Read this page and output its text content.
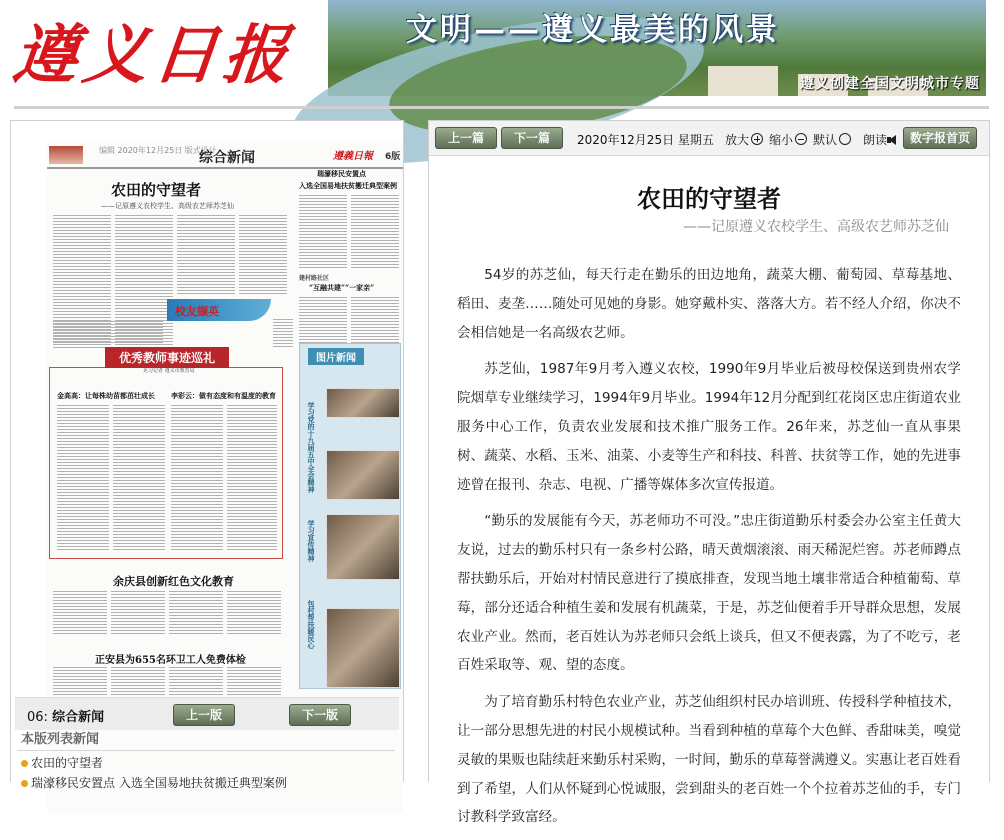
遵义日报	文明——遵义最美的风景
遵义创建全国文明城市专题
编辑 2020年12月25日 版式设计
综合新闻	遵義日報 6版
农田的守望者
——记原遵义农校学生、高级农艺师苏芝仙
校友撷英
瑞濠移民安置点
入选全国易地扶贫搬迁典型案例
建村路社区
“互融共建”“一家亲”
优秀教师事迹巡礼
见习记者 遵义市教育局
金高高：让每株幼苗都茁壮成长 李彩云：做有态度和有温度的教育
图片新闻
学习党的十九届五中全会精神
学习宣传精神
包村帮扶暖民心
余庆县创新红色文化教育
正安县为655名环卫工人免费体检
06: 综合新闻	上一版	下一版
本版列表新闻
农田的守望者
瑞濠移民安置点 入选全国易地扶贫搬迁典型案例
上一篇	下一篇	2020年12月25日 星期五 放大	缩小	默认	朗读	数字报首页
农田的守望者
——记原遵义农校学生、高级农艺师苏芝仙

54岁的苏芝仙，每天行走在勤乐的田边地角，蔬菜大棚、葡萄园、草莓基地、稻田、麦垄……随处可见她的身影。她穿戴朴实、落落大方。若不经人介绍，你决不会相信她是一名高级农艺师。

苏芝仙，1987年9月考入遵义农校，1990年9月毕业后被母校保送到贵州农学院烟草专业继续学习，1994年9月毕业。1994年12月分配到红花岗区忠庄街道农业服务中心工作，负责农业发展和技术推广服务工作。26年来，苏芝仙一直从事果树、蔬菜、水稻、玉米、油菜、小麦等生产和科技、科普、扶贫等工作，她的先进事迹曾在报刊、杂志、电视、广播等媒体多次宣传报道。

“勤乐的发展能有今天，苏老师功不可没。”忠庄街道勤乐村委会办公室主任黄大友说，过去的勤乐村只有一条乡村公路，晴天黄烟滚滚、雨天稀泥烂窖。苏老师蹲点帮扶勤乐后，开始对村情民意进行了摸底排查，发现当地土壤非常适合种植葡萄、草莓，部分还适合种植生姜和发展有机蔬菜，于是，苏芝仙便着手开导群众思想，发展农业产业。然而，老百姓认为苏老师只会纸上谈兵，但又不便表露，为了不吃亏，老百姓采取等、观、望的态度。

为了培育勤乐村特色农业产业，苏芝仙组织村民办培训班、传授科学种植技术，让一部分思想先进的村民小规模试种。当看到种植的草莓个大色鲜、香甜味美，嗅觉灵敏的果贩也陆续赶来勤乐村采购，一时间，勤乐的草莓誉满遵义。实惠让老百姓看到了希望，人们从怀疑到心悦诚服，尝到甜头的老百姓一个个拉着苏芝仙的手，专门讨教科学致富经。
